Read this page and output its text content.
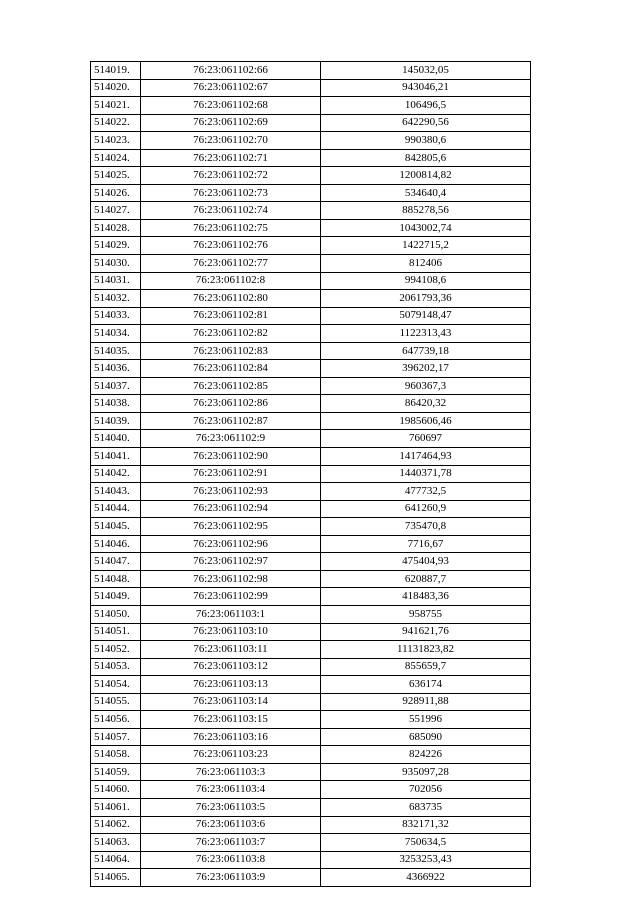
514019.	76:23:061102:66	145032,05
514020.	76:23:061102:67	943046,21
514021.	76:23:061102:68	106496,5
514022.	76:23:061102:69	642290,56
514023.	76:23:061102:70	990380,6
514024.	76:23:061102:71	842805,6
514025.	76:23:061102:72	1200814,82
514026.	76:23:061102:73	534640,4
514027.	76:23:061102:74	885278,56
514028.	76:23:061102:75	1043002,74
514029.	76:23:061102:76	1422715,2
514030.	76:23:061102:77	812406
514031.	76:23:061102:8	994108,6
514032.	76:23:061102:80	2061793,36
514033.	76:23:061102:81	5079148,47
514034.	76:23:061102:82	1122313,43
514035.	76:23:061102:83	647739,18
514036.	76:23:061102:84	396202,17
514037.	76:23:061102:85	960367,3
514038.	76:23:061102:86	86420,32
514039.	76:23:061102:87	1985606,46
514040.	76:23:061102:9	760697
514041.	76:23:061102:90	1417464,93
514042.	76:23:061102:91	1440371,78
514043.	76:23:061102:93	477732,5
514044.	76:23:061102:94	641260,9
514045.	76:23:061102:95	735470,8
514046.	76:23:061102:96	7716,67
514047.	76:23:061102:97	475404,93
514048.	76:23:061102:98	620887,7
514049.	76:23:061102:99	418483,36
514050.	76:23:061103:1	958755
514051.	76:23:061103:10	941621,76
514052.	76:23:061103:11	11131823,82
514053.	76:23:061103:12	855659,7
514054.	76:23:061103:13	636174
514055.	76:23:061103:14	928911,88
514056.	76:23:061103:15	551996
514057.	76:23:061103:16	685090
514058.	76:23:061103:23	824226
514059.	76:23:061103:3	935097,28
514060.	76:23:061103:4	702056
514061.	76:23:061103:5	683735
514062.	76:23:061103:6	832171,32
514063.	76:23:061103:7	750634,5
514064.	76:23:061103:8	3253253,43
514065.	76:23:061103:9	4366922
